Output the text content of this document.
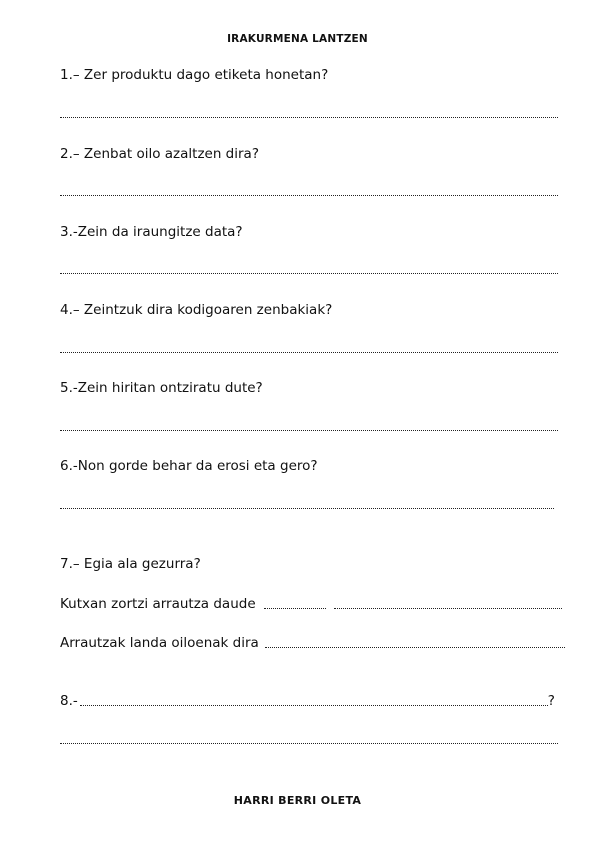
IRAKURMENA LANTZEN
1.– Zer produktu dago etiketa honetan?
2.– Zenbat oilo azaltzen dira?
3.-Zein da iraungitze data?
4.– Zeintzuk dira kodigoaren zenbakiak?
5.-Zein hiritan ontziratu dute?
6.-Non gorde behar da erosi eta gero?
7.– Egia ala gezurra?
Kutxan zortzi arrautza daude
Arrautzak landa oiloenak dira
8.-	?
HARRI BERRI OLETA
